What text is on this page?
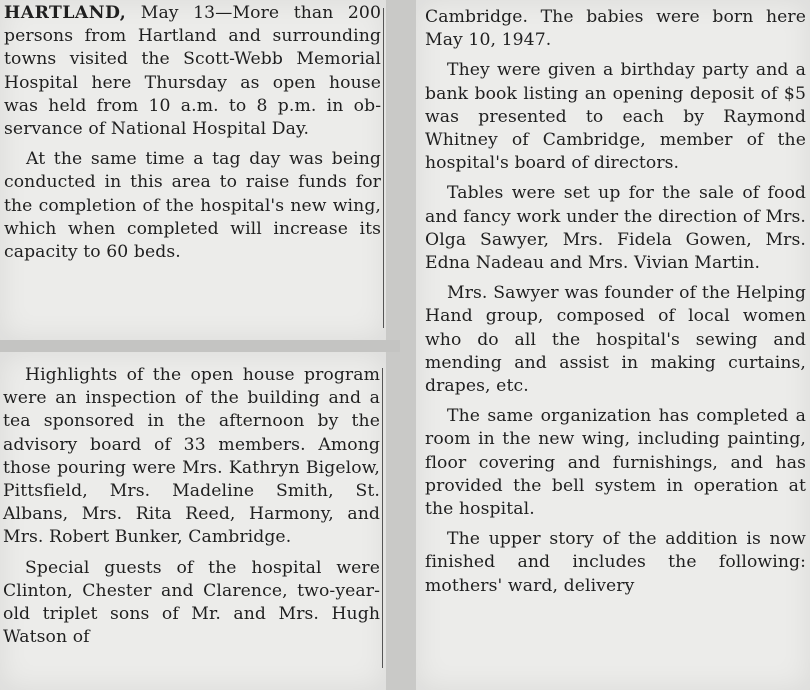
HARTLAND, May 13—More than 200 persons from Hartland and surrounding towns visited the Scott-Webb Memorial Hospital here Thursday as open house was held from 10 a.m. to 8 p.m. in observance of National Hospital Day.

At the same time a tag day was being conducted in this area to raise funds for the completion of the hospital's new wing, which when completed will increase its capacity to 60 beds.

Highlights of the open house program were an inspection of the building and a tea sponsored in the afternoon by the advisory board of 33 members. Among those pouring were Mrs. Kathryn Bigelow, Pittsfield, Mrs. Madeline Smith, St. Albans, Mrs. Rita Reed, Harmony, and Mrs. Robert Bunker, Cambridge.

Special guests of the hospital were Clinton, Chester and Clarence, two-year-old triplet sons of Mr. and Mrs. Hugh Watson of

Cambridge. The babies were born here May 10, 1947.

They were given a birthday party and a bank book listing an opening deposit of $5 was presented to each by Raymond Whitney of Cambridge, member of the hospital's board of directors.

Tables were set up for the sale of food and fancy work under the direction of Mrs. Olga Sawyer, Mrs. Fidela Gowen, Mrs. Edna Nadeau and Mrs. Vivian Martin.

Mrs. Sawyer was founder of the Helping Hand group, composed of local women who do all the hospital's sewing and mending and assist in making curtains, drapes, etc.

The same organization has completed a room in the new wing, including painting, floor covering and furnishings, and has provided the bell system in operation at the hospital.

The upper story of the addition is now finished and includes the following: mothers' ward, delivery
